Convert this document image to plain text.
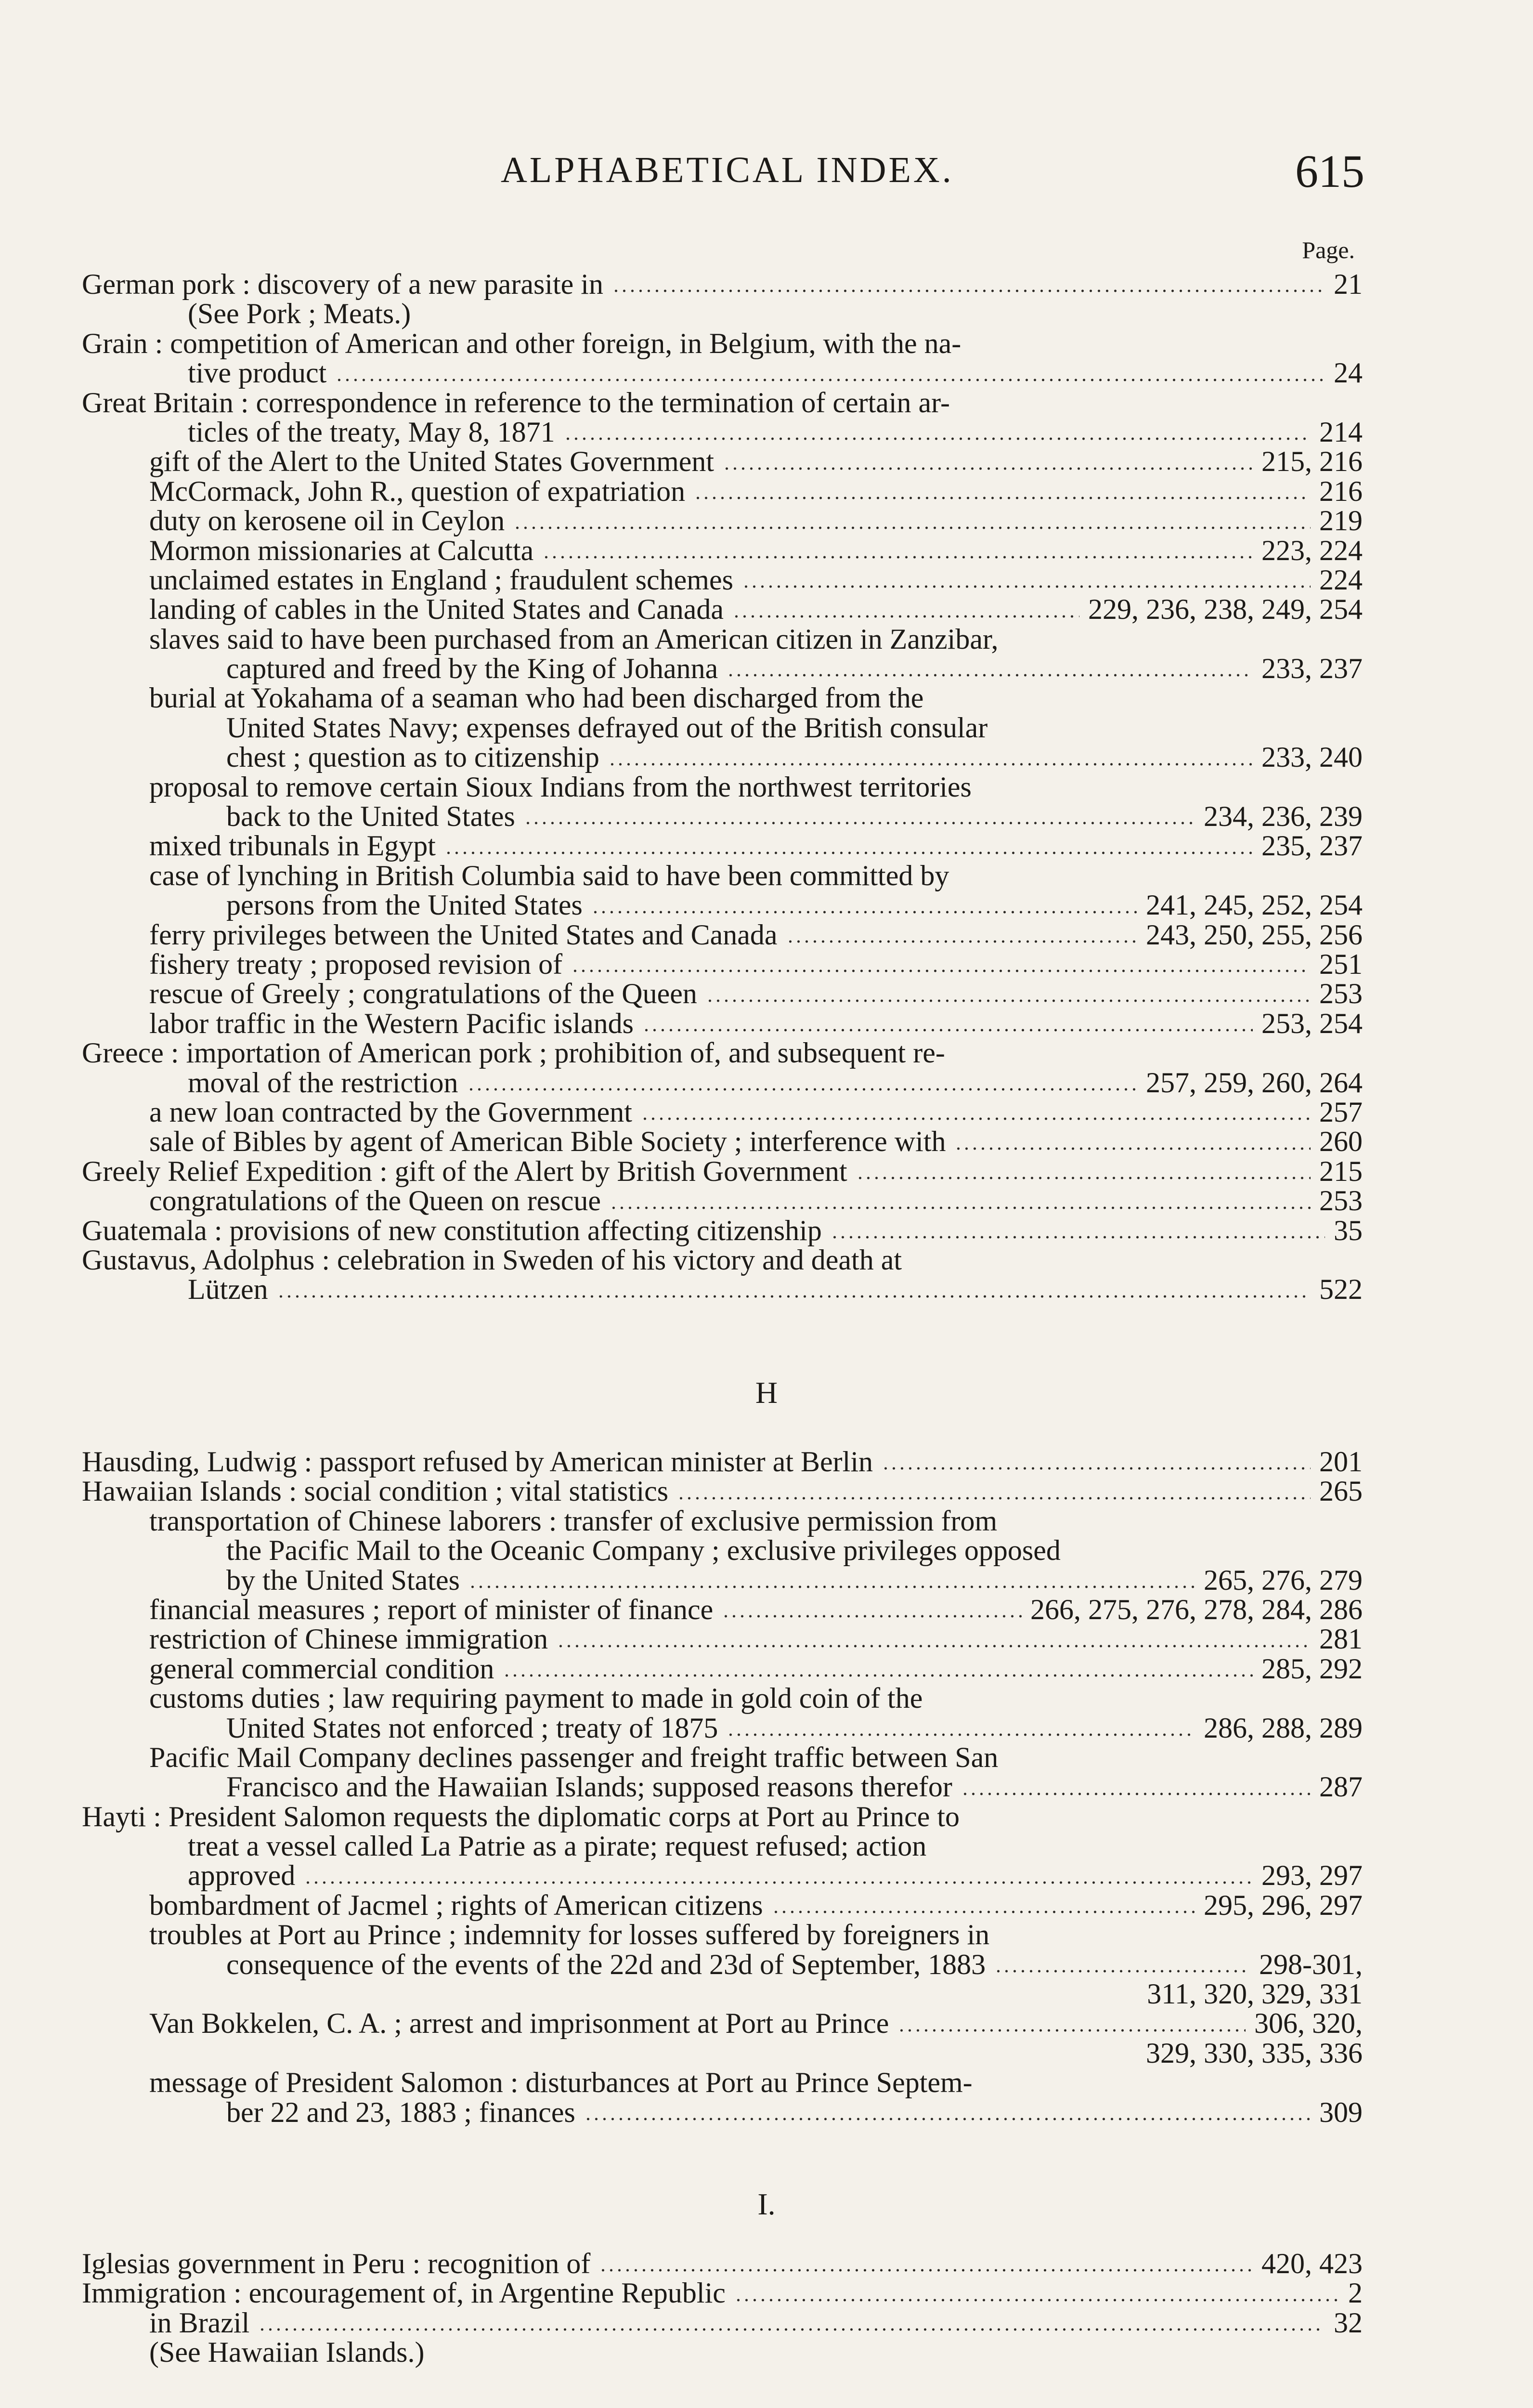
ALPHABETICAL INDEX.	615
Page.
German pork : discovery of a new parasite in	21
(See Pork ; Meats.)
Grain : competition of American and other foreign, in Belgium, with the na-
tive product	24
Great Britain : correspondence in reference to the termination of certain ar-
ticles of the treaty, May 8, 1871	214
gift of the Alert to the United States Government	215, 216
McCormack, John R., question of expatriation	216
duty on kerosene oil in Ceylon	219
Mormon missionaries at Calcutta	223, 224
unclaimed estates in England ; fraudulent schemes	224
landing of cables in the United States and Canada	229, 236, 238, 249, 254
slaves said to have been purchased from an American citizen in Zanzibar,
captured and freed by the King of Johanna	233, 237
burial at Yokahama of a seaman who had been discharged from the
United States Navy; expenses defrayed out of the British consular
chest ; question as to citizenship	233, 240
proposal to remove certain Sioux Indians from the northwest territories
back to the United States	234, 236, 239
mixed tribunals in Egypt	235, 237
case of lynching in British Columbia said to have been committed by
persons from the United States	241, 245, 252, 254
ferry privileges between the United States and Canada	243, 250, 255, 256
fishery treaty ; proposed revision of	251
rescue of Greely ; congratulations of the Queen	253
labor traffic in the Western Pacific islands	253, 254
Greece : importation of American pork ; prohibition of, and subsequent re-
moval of the restriction	257, 259, 260, 264
a new loan contracted by the Government	257
sale of Bibles by agent of American Bible Society ; interference with	260
Greely Relief Expedition : gift of the Alert by British Government	215
congratulations of the Queen on rescue	253
Guatemala : provisions of new constitution affecting citizenship	35
Gustavus, Adolphus : celebration in Sweden of his victory and death at
Lützen	522
H
Hausding, Ludwig : passport refused by American minister at Berlin	201
Hawaiian Islands : social condition ; vital statistics	265
transportation of Chinese laborers : transfer of exclusive permission from
the Pacific Mail to the Oceanic Company ; exclusive privileges opposed
by the United States	265, 276, 279
financial measures ; report of minister of finance	266, 275, 276, 278, 284, 286
restriction of Chinese immigration	281
general commercial condition	285, 292
customs duties ; law requiring payment to made in gold coin of the
United States not enforced ; treaty of 1875	286, 288, 289
Pacific Mail Company declines passenger and freight traffic between San
Francisco and the Hawaiian Islands; supposed reasons therefor	287
Hayti : President Salomon requests the diplomatic corps at Port au Prince to
treat a vessel called La Patrie as a pirate; request refused; action
approved	293, 297
bombardment of Jacmel ; rights of American citizens	295, 296, 297
troubles at Port au Prince ; indemnity for losses suffered by foreigners in
consequence of the events of the 22d and 23d of September, 1883	298-301,
311, 320, 329, 331
Van Bokkelen, C. A. ; arrest and imprisonment at Port au Prince	306, 320,
329, 330, 335, 336
message of President Salomon : disturbances at Port au Prince Septem-
ber 22 and 23, 1883 ; finances	309
I.
Iglesias government in Peru : recognition of	420, 423
Immigration : encouragement of, in Argentine Republic	2
in Brazil	32
(See Hawaiian Islands.)
